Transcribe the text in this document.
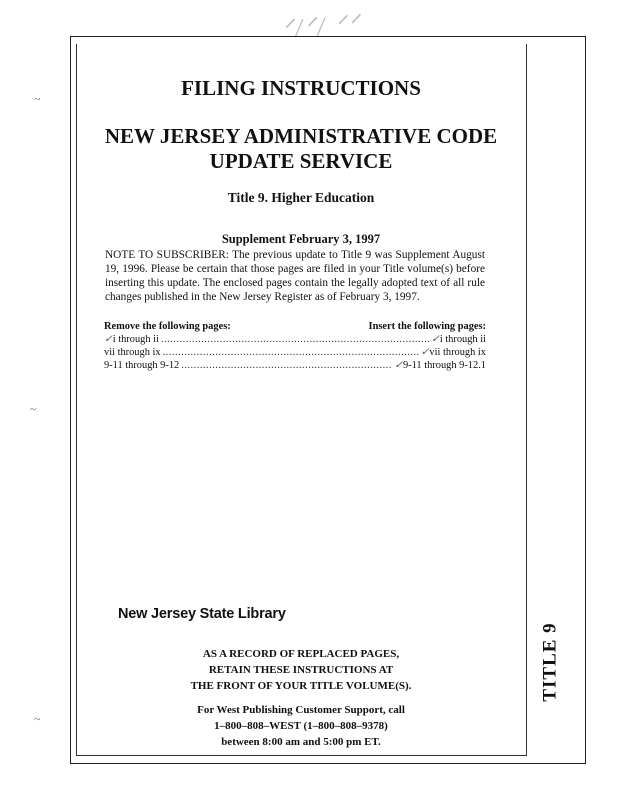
ᐟ/ᐟ/ ᐟᐟ
~
~
~
FILING INSTRUCTIONS
NEW JERSEY ADMINISTRATIVE CODE
UPDATE SERVICE
Title 9. Higher Education
Supplement February 3, 1997

NOTE TO SUBSCRIBER: The previous update to Title 9 was Supplement August 19, 1996. Please be certain that those pages are filed in your Title volume(s) before inserting this update. The enclosed pages contain the legally adopted text of all rule changes published in the New Jersey Register as of February 3, 1997.

Remove the following pages:	Insert the following pages:
✓ i through ii .....	✓ i through ii
vii through ix .....	✓ vii through ix
9-11 through 9-12 .....	✓ 9-11 through 9-12.1
New Jersey State Library
AS A RECORD OF REPLACED PAGES,
RETAIN THESE INSTRUCTIONS AT
THE FRONT OF YOUR TITLE VOLUME(S).
For West Publishing Customer Support, call
1–800–808–WEST (1–800–808–9378)
between 8:00 am and 5:00 pm ET.
TITLE 9
